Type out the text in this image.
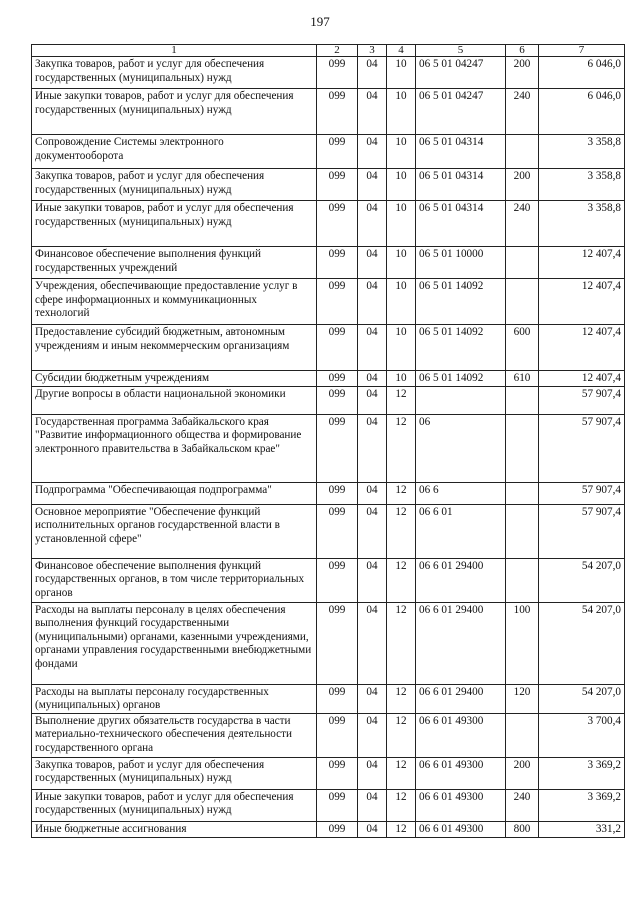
197
1	2	3	4	5	6	7
Закупка товаров, работ и услуг для обеспечения государственных (муниципальных) нужд	099	04	10	06 5 01 04247	200	6 046,0
Иные закупки товаров, работ и услуг для обеспечения государственных (муниципальных) нужд	099	04	10	06 5 01 04247	240	6 046,0
Сопровождение Системы электронного документооборота	099	04	10	06 5 01 04314		3 358,8
Закупка товаров, работ и услуг для обеспечения государственных (муниципальных) нужд	099	04	10	06 5 01 04314	200	3 358,8
Иные закупки товаров, работ и услуг для обеспечения государственных (муниципальных) нужд	099	04	10	06 5 01 04314	240	3 358,8
Финансовое обеспечение выполнения функций государственных учреждений	099	04	10	06 5 01 10000		12 407,4
Учреждения, обеспечивающие предоставление услуг в сфере информационных и коммуникационных технологий	099	04	10	06 5 01 14092		12 407,4
Предоставление субсидий бюджетным, автономным учреждениям и иным некоммерческим организациям	099	04	10	06 5 01 14092	600	12 407,4
Субсидии бюджетным учреждениям	099	04	10	06 5 01 14092	610	12 407,4
Другие вопросы в области национальной экономики	099	04	12			57 907,4
Государственная программа Забайкальского края "Развитие информационного общества и формирование электронного правительства в Забайкальском крае"	099	04	12	06		57 907,4
Подпрограмма "Обеспечивающая подпрограмма"	099	04	12	06 6		57 907,4
Основное мероприятие "Обеспечение функций исполнительных органов государственной власти в установленной сфере"	099	04	12	06 6 01		57 907,4
Финансовое обеспечение выполнения функций государственных органов, в том числе территориальных органов	099	04	12	06 6 01 29400		54 207,0
Расходы на выплаты персоналу в целях обеспечения выполнения функций государственными (муниципальными) органами, казенными учреждениями, органами управления государственными внебюджетными фондами	099	04	12	06 6 01 29400	100	54 207,0
Расходы на выплаты персоналу государственных (муниципальных) органов	099	04	12	06 6 01 29400	120	54 207,0
Выполнение других обязательств государства в части материально-технического обеспечения деятельности государственного органа	099	04	12	06 6 01 49300		3 700,4
Закупка товаров, работ и услуг для обеспечения государственных (муниципальных) нужд	099	04	12	06 6 01 49300	200	3 369,2
Иные закупки товаров, работ и услуг для обеспечения государственных (муниципальных) нужд	099	04	12	06 6 01 49300	240	3 369,2
Иные бюджетные ассигнования	099	04	12	06 6 01 49300	800	331,2
